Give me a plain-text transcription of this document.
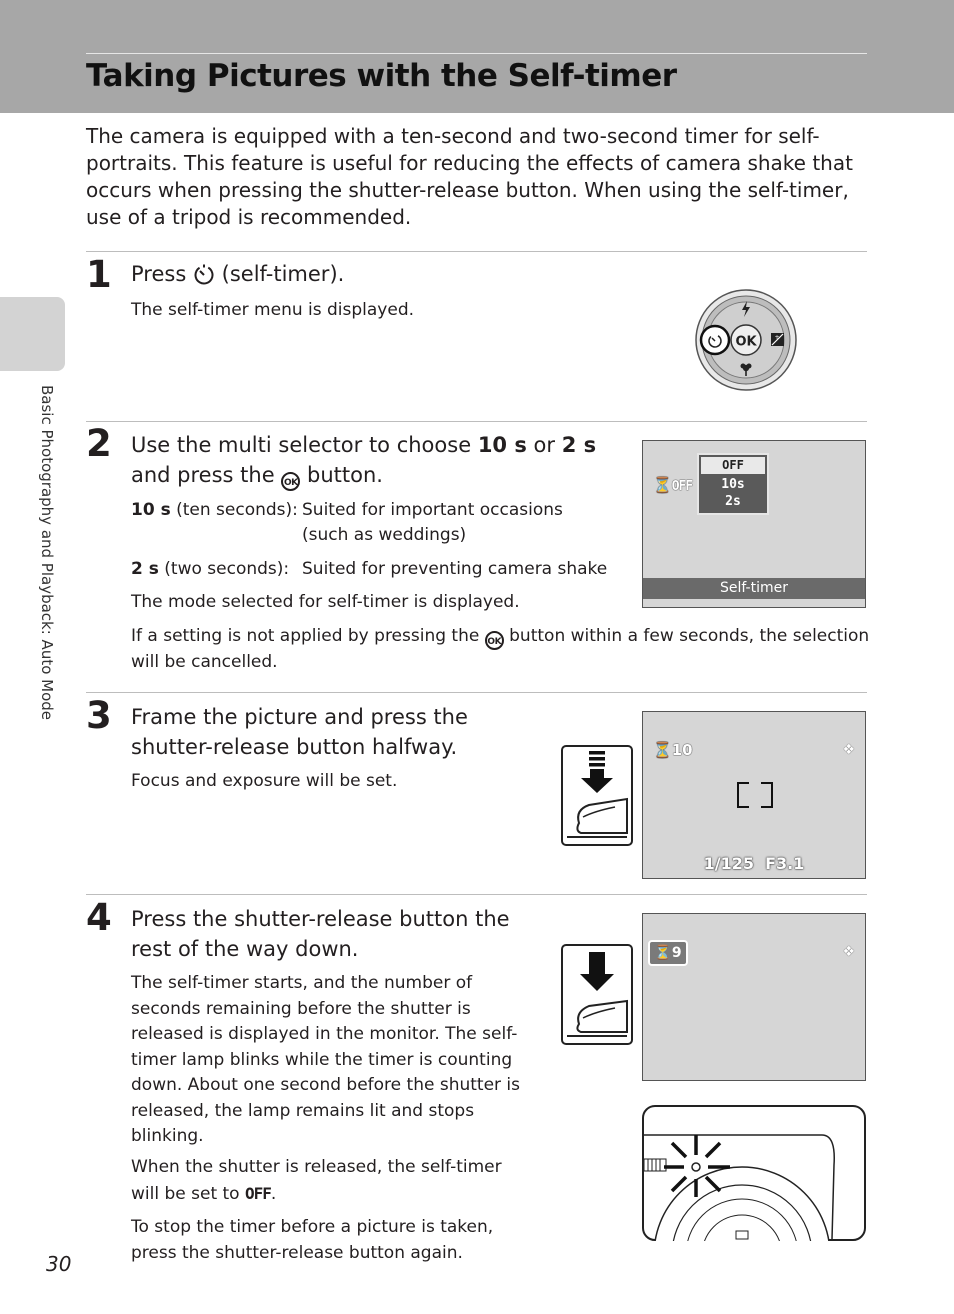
Taking Pictures with the Self-timer
Basic Photography and Playback: Auto Mode

The camera is equipped with a ten-second and two-second timer for self-portraits. This feature is useful for reducing the effects of camera shake that occurs when pressing the shutter-release button. When using the self-timer, use of a tripod is recommended.

1 Press (self-timer).

The self-timer menu is displayed.

OK	+
2 Use the multi selector to choose 10 s or 2 s
and press the OK button.

10 s (ten seconds): Suited for important occasions (such as weddings)
2 s (two seconds): Suited for preventing camera shake

The mode selected for self-timer is displayed.

If a setting is not applied by pressing the OK button within a few seconds, the selection will be cancelled.

⏳OFF
OFF
10s
2s
Self-timer
3 Frame the picture and press the shutter-release button halfway.

Focus and exposure will be set.

⏳10	❖
1/125  F3.1
4 Press the shutter-release button the rest of the way down.

The self-timer starts, and the number of seconds remaining before the shutter is released is displayed in the monitor. The self-timer lamp blinks while the timer is counting down. About one second before the shutter is released, the lamp remains lit and stops blinking.

When the shutter is released, the self-timer will be set to OFF.

To stop the timer before a picture is taken, press the shutter-release button again.

⏳9	❖
30
